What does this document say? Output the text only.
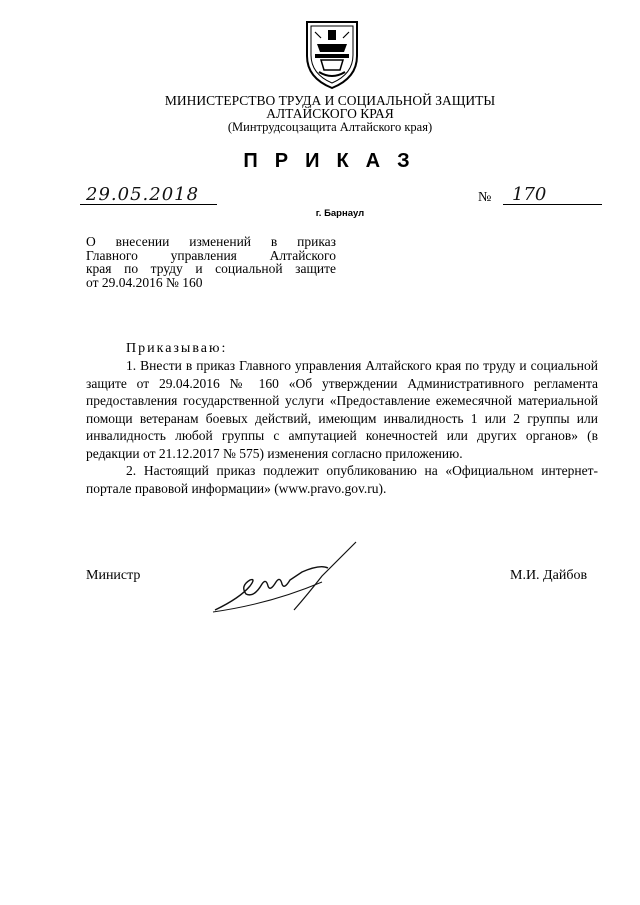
МИНИСТЕРСТВО ТРУДА И СОЦИАЛЬНОЙ ЗАЩИТЫ
АЛТАЙСКОГО КРАЯ
(Минтрудсоцзащита Алтайского края)
ПРИКАЗ
29.05.2018	№ 170
г. Барнаул
О внесении изменений в приказ
Главного управления Алтайского
края по труду и социальной защите
от 29.04.2016 № 160
Приказываю:

1. Внести в приказ Главного управления Алтайского края по труду и социальной защите от 29.04.2016 № 160 «Об утверждении Административного регламента предоставления государственной услуги «Предоставление ежемесячной материальной помощи ветеранам боевых действий, имеющим инвалидность 1 или 2 группы или инвалидность любой группы с ампутацией конечностей или других органов» (в редакции от 21.12.2017 № 575) изменения согласно приложению.

2. Настоящий приказ подлежит опубликованию на «Официальном интернет-портале правовой информации» (www.pravo.gov.ru).

Министр	М.И. Дайбов
